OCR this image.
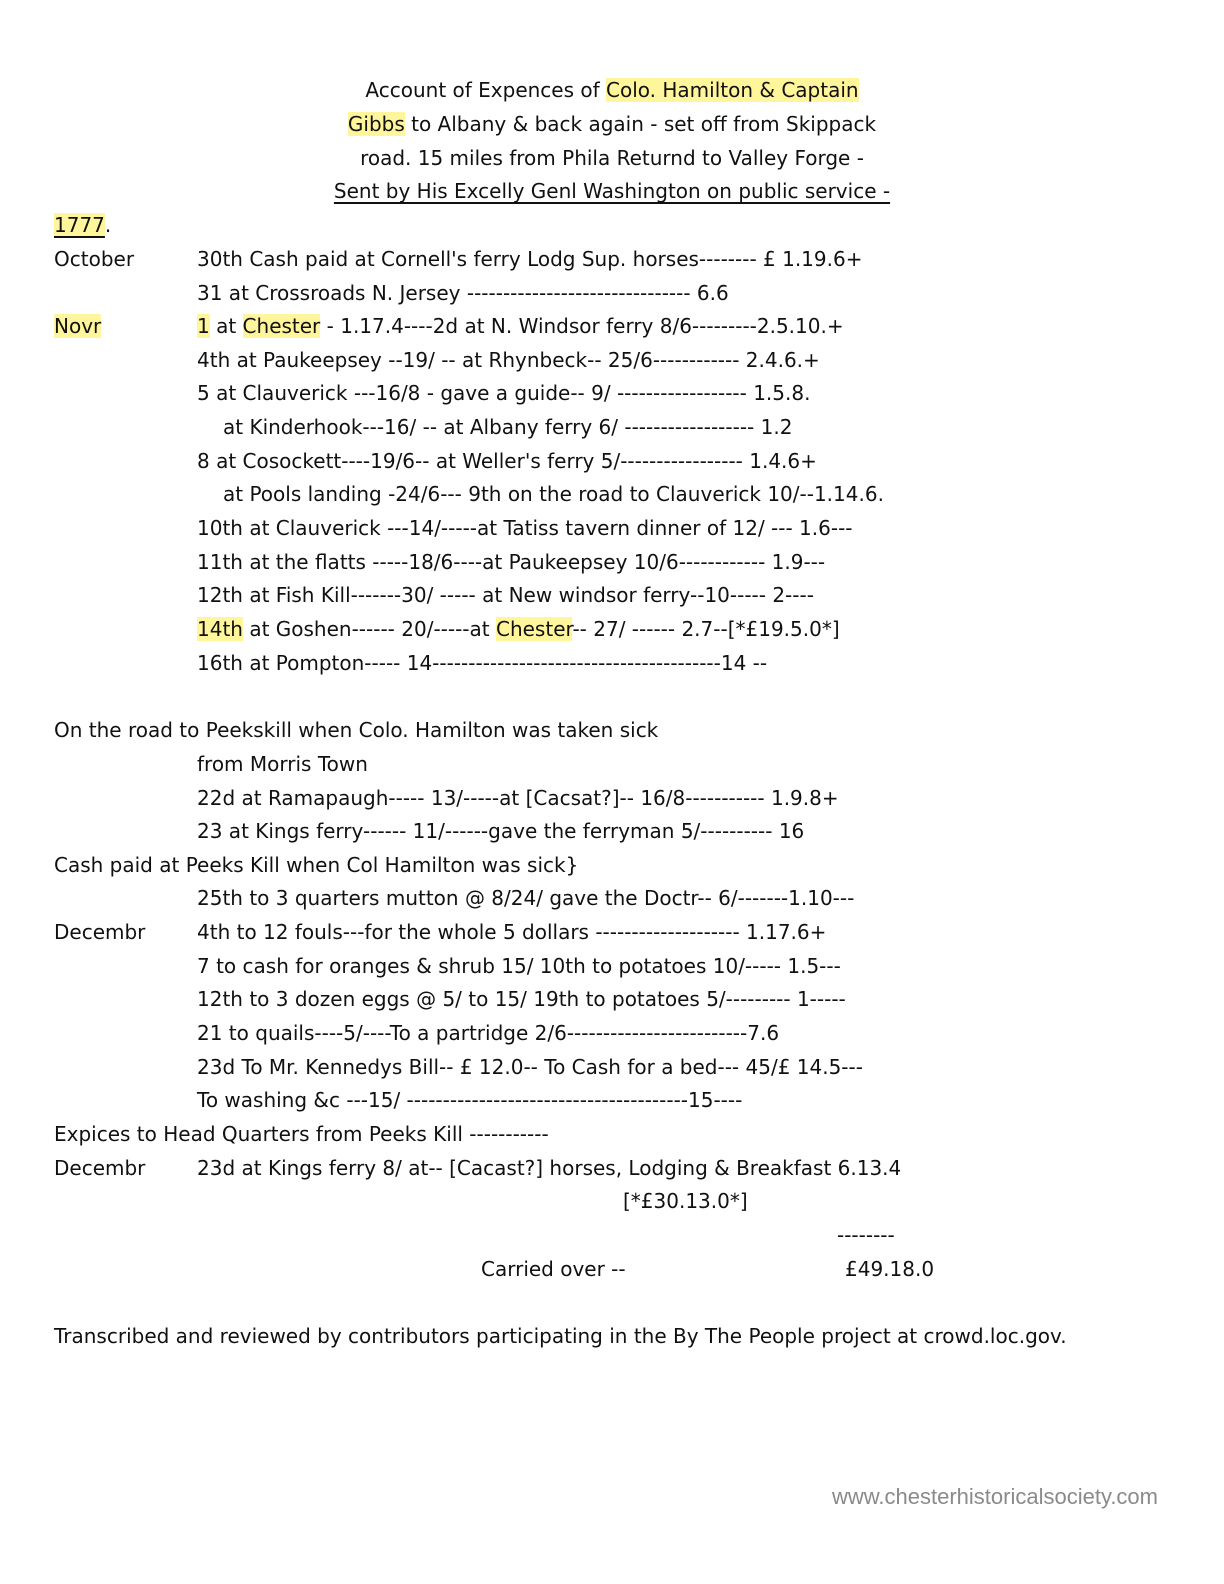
Account of Expences of Colo. Hamilton & Captain
Gibbs to Albany & back again - set off from Skippack
road. 15 miles from Phila Returnd to Valley Forge -
Sent by His Excelly Genl Washington on public service -
1777.
October	30th Cash paid at Cornell's ferry Lodg Sup. horses-------- £ 1.19.6+
31 at Crossroads N. Jersey ------------------------------- 6.6
Novr	1 at Chester - 1.17.4----2d at N. Windsor ferry 8/6---------2.5.10.+
4th at Paukeepsey --19/ -- at Rhynbeck-- 25/6------------ 2.4.6.+
5 at Clauverick ---16/8 - gave a guide-- 9/ ------------------ 1.5.8.
at Kinderhook---16/ -- at Albany ferry 6/ ------------------ 1.2
8 at Cosockett----19/6-- at Weller's ferry 5/----------------- 1.4.6+
at Pools landing -24/6--- 9th on the road to Clauverick 10/--1.14.6.
10th at Clauverick ---14/-----at Tatiss tavern dinner of 12/ --- 1.6---
11th at the flatts -----18/6----at Paukeepsey 10/6------------ 1.9---
12th at Fish Kill-------30/ ----- at New windsor ferry--10----- 2----
14th at Goshen------ 20/-----at Chester-- 27/ ------ 2.7--[*£19.5.0*]
16th at Pompton----- 14----------------------------------------14 --
On the road to Peekskill when Colo. Hamilton was taken sick
from Morris Town
22d at Ramapaugh----- 13/-----at [Cacsat?]-- 16/8----------- 1.9.8+
23 at Kings ferry------ 11/------gave the ferryman 5/---------- 16
Cash paid at Peeks Kill when Col Hamilton was sick}
25th to 3 quarters mutton @ 8/24/ gave the Doctr-- 6/-------1.10---
Decembr	4th to 12 fouls---for the whole 5 dollars -------------------- 1.17.6+
7 to cash for oranges & shrub 15/ 10th to potatoes 10/----- 1.5---
12th to 3 dozen eggs @ 5/ to 15/ 19th to potatoes 5/--------- 1-----
21 to quails----5/----To a partridge 2/6-------------------------7.6
23d To Mr. Kennedys Bill-- £ 12.0-- To Cash for a bed--- 45/£ 14.5---
To washing &c ---15/ ---------------------------------------15----
Expices to Head Quarters from Peeks Kill -----------
Decembr	23d at Kings ferry 8/ at-- [Cacast?] horses, Lodging & Breakfast 6.13.4
[*£30.13.0*]
--------
Carried over --	£49.18.0
Transcribed and reviewed by contributors participating in the By The People project at crowd.loc.gov.
www.chesterhistoricalsociety.com
